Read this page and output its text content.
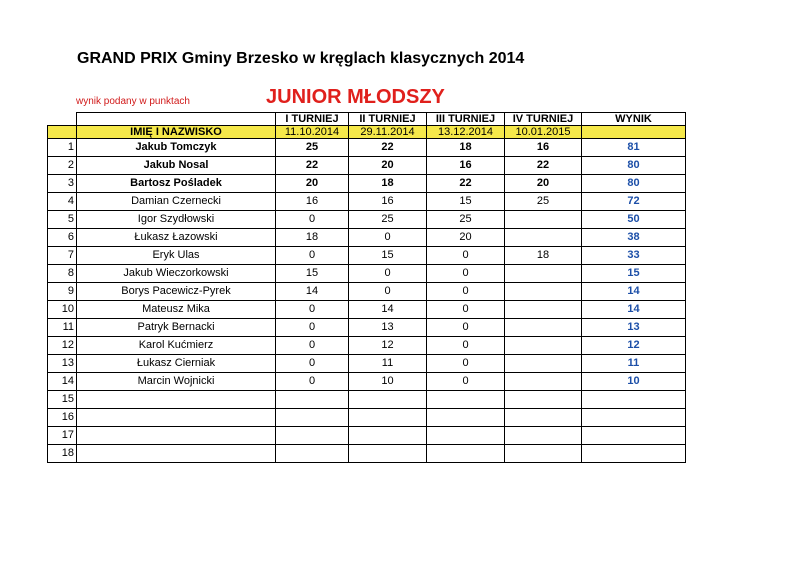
GRAND PRIX Gminy Brzesko w kręglach klasycznych 2014
wynik podany w punktach	JUNIOR MŁODSZY
		I TURNIEJ	II TURNIEJ	III TURNIEJ	IV TURNIEJ	WYNIK
	IMIĘ I NAZWISKO	11.10.2014	29.11.2014	13.12.2014	10.01.2015	
1	Jakub Tomczyk	25	22	18	16	81
2	Jakub Nosal	22	20	16	22	80
3	Bartosz Pośladek	20	18	22	20	80
4	Damian Czernecki	16	16	15	25	72
5	Igor Szydłowski	0	25	25		50
6	Łukasz Łazowski	18	0	20		38
7	Eryk Ulas	0	15	0	18	33
8	Jakub Wieczorkowski	15	0	0		15
9	Borys Pacewicz-Pyrek	14	0	0		14
10	Mateusz Mika	0	14	0		14
11	Patryk Bernacki	0	13	0		13
12	Karol Kućmierz	0	12	0		12
13	Łukasz Cierniak	0	11	0		11
14	Marcin Wojnicki	0	10	0		10
15						
16						
17						
18						
